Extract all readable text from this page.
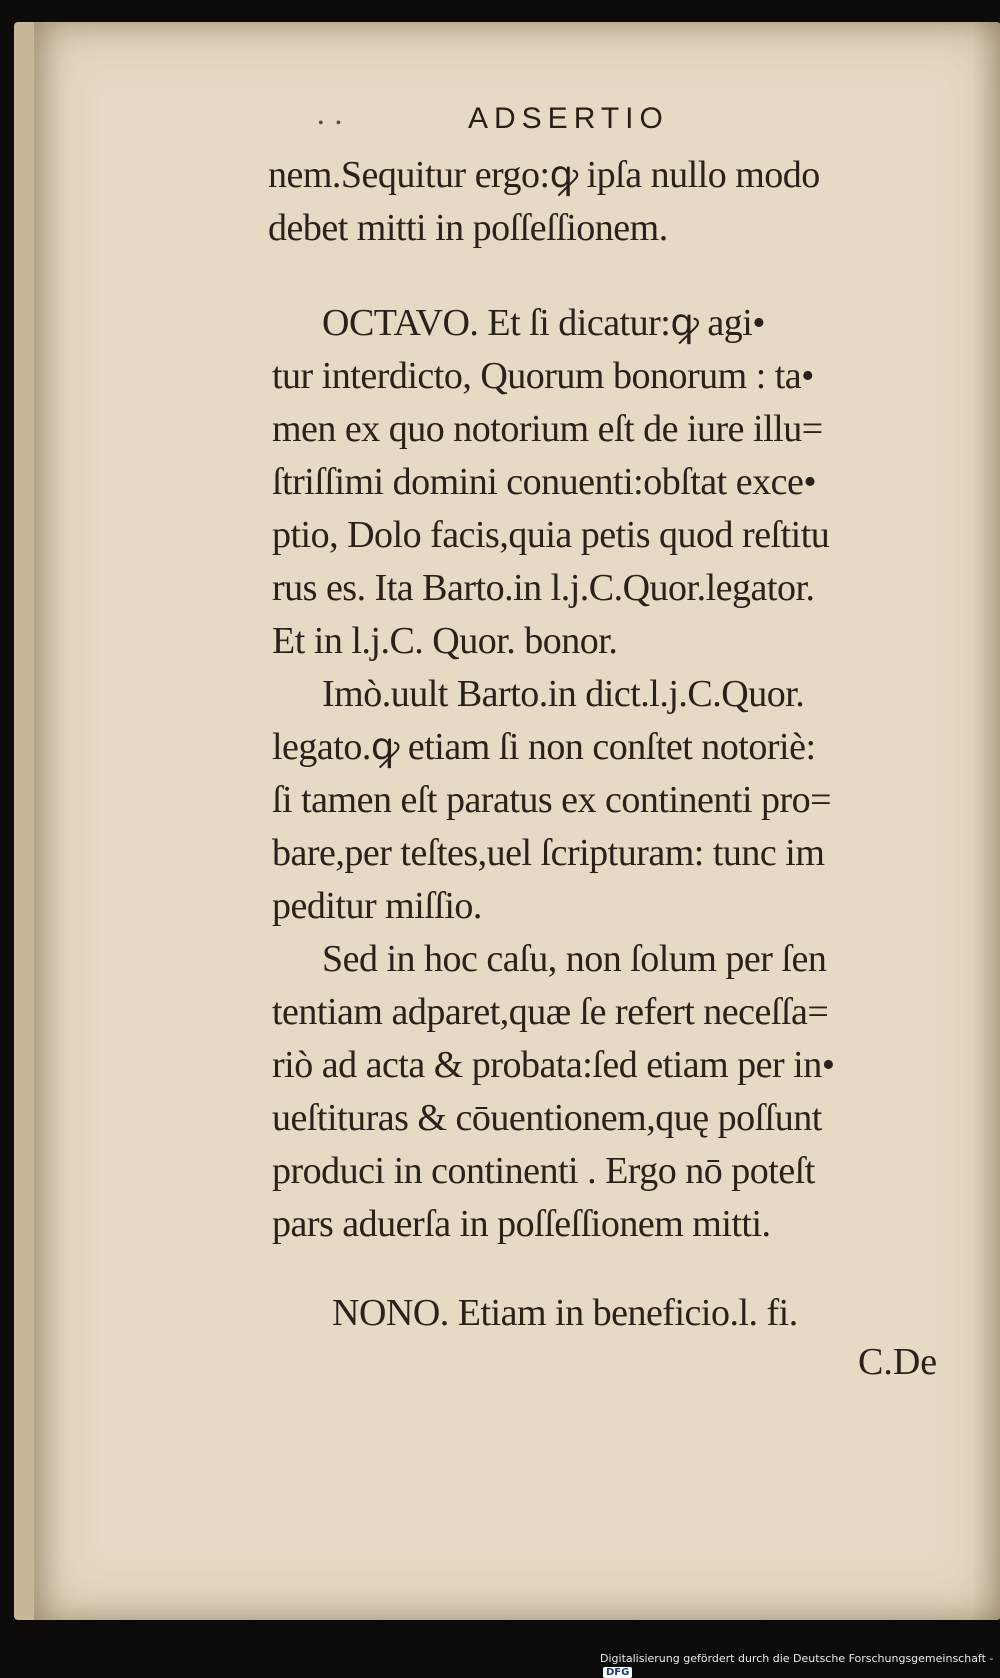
• •	ADSERTIO
nem.Sequitur ergo:ꝙ ipſa nullo modo
debet mitti in poſſeſſionem.
OCTAVO. Et ſi dicatur:ꝙ agi•
tur interdicto, Quorum bonorum : ta•
men ex quo notorium eſt de iure illu=
ſtriſſimi domini conuenti:obſtat exce•
ptio, Dolo facis,quia petis quod reſtitu
rus es. Ita Barto.in l.j.C.Quor.legator.
Et in l.j.C. Quor. bonor.
Imò.uult Barto.in dict.l.j.C.Quor.
legato.ꝙ etiam ſi non conſtet notoriè:
ſi tamen eſt paratus ex continenti pro=
bare,per teſtes,uel ſcripturam: tunc im
peditur miſſio.
Sed in hoc caſu, non ſolum per ſen
tentiam adparet,quæ ſe refert neceſſa=
riò ad acta & probata:ſed etiam per in•
ueſtituras & cōuentionem,quę poſſunt
produci in continenti . Ergo nō poteſt
pars aduerſa in poſſeſſionem mitti.
NONO. Etiam in beneficio.l. fi.
C.De
Digitalisierung gefördert durch die Deutsche Forschungsgemeinschaft -DFG
